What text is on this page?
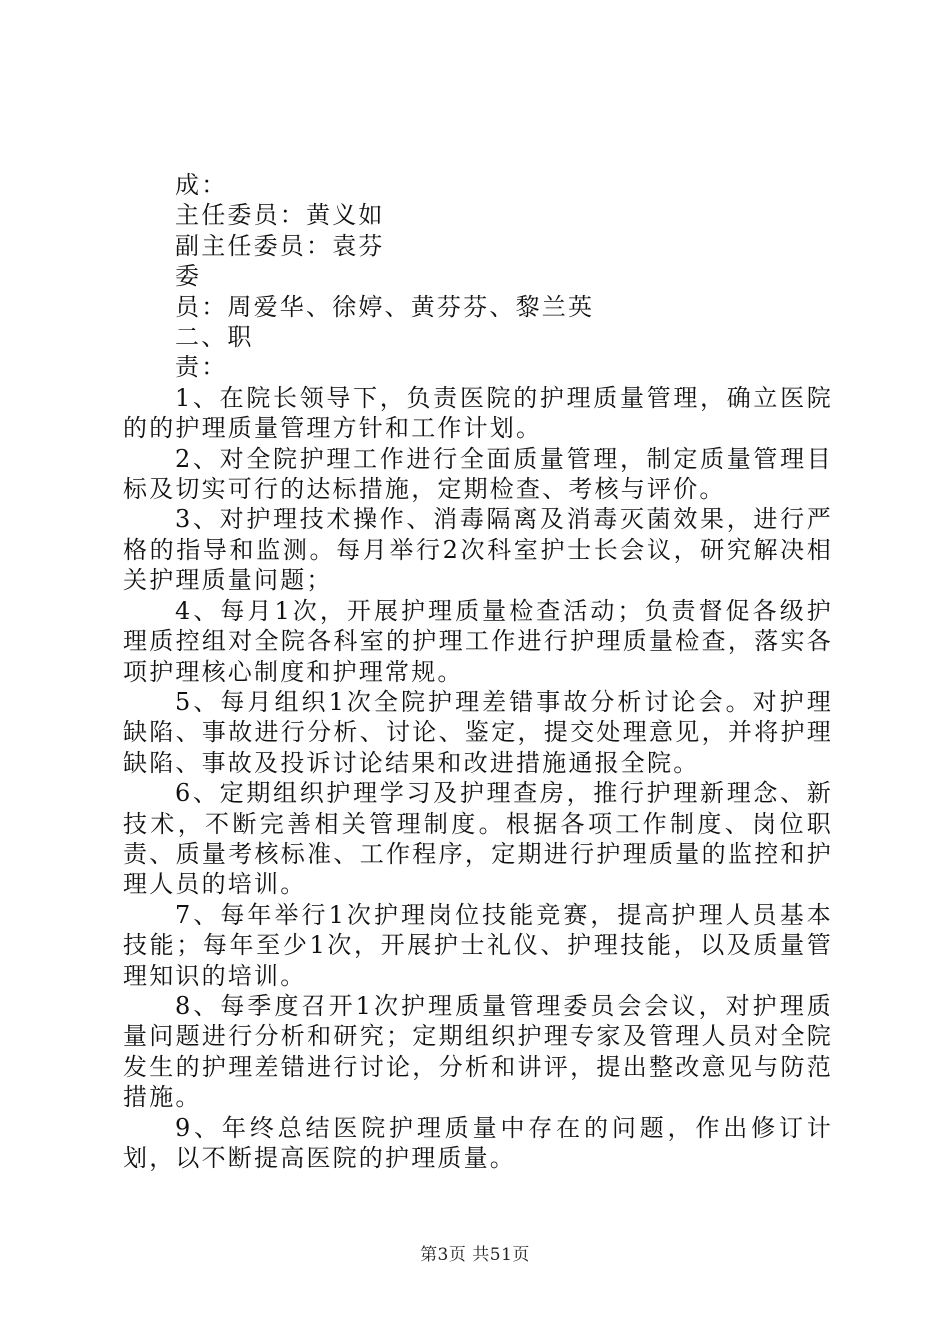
成：
主任委员：黄义如
副主任委员：袁芬
委
员：周爱华、徐婷、黄芬芬、黎兰英
二、职
责：

1、在院长领导下，负责医院的护理质量管理，确立医院的的护理质量管理方针和工作计划。

2、对全院护理工作进行全面质量管理，制定质量管理目标及切实可行的达标措施，定期检查、考核与评价。

3、对护理技术操作、消毒隔离及消毒灭菌效果，进行严格的指导和监测。每月举行2次科室护士长会议，研究解决相关护理质量问题；

4、每月1次，开展护理质量检查活动；负责督促各级护理质控组对全院各科室的护理工作进行护理质量检查，落实各项护理核心制度和护理常规。

5、每月组织1次全院护理差错事故分析讨论会。对护理缺陷、事故进行分析、讨论、鉴定，提交处理意见，并将护理缺陷、事故及投诉讨论结果和改进措施通报全院。

6、定期组织护理学习及护理查房，推行护理新理念、新技术，不断完善相关管理制度。根据各项工作制度、岗位职责、质量考核标准、工作程序，定期进行护理质量的监控和护理人员的培训。

7、每年举行1次护理岗位技能竞赛，提高护理人员基本技能；每年至少1次，开展护士礼仪、护理技能，以及质量管理知识的培训。

8、每季度召开1次护理质量管理委员会会议，对护理质量问题进行分析和研究；定期组织护理专家及管理人员对全院发生的护理差错进行讨论，分析和讲评，提出整改意见与防范措施。

9、年终总结医院护理质量中存在的问题，作出修订计划，以不断提高医院的护理质量。

第3页 共51页
